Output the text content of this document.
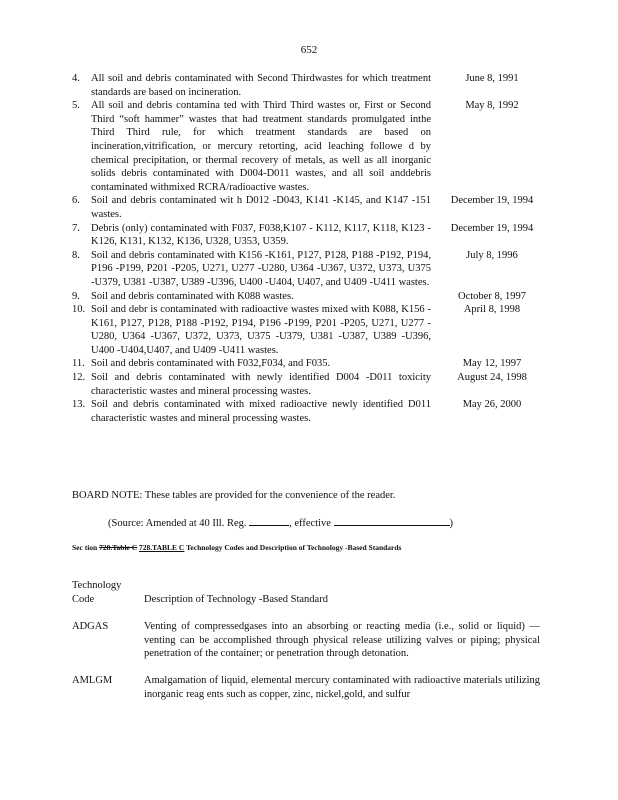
652
4. All soil and debris contaminated with Second Thirdwastes for which treatment standards are based on incineration.
June 8, 1991
5. All soil and debris contamina ted with Third Third wastes or, First or Second Third “soft hammer” wastes that had treatment standards promulgated inthe Third Third rule, for which treatment standards are based on incineration,vitrification, or mercury retorting, acid leaching followe d by chemical precipitation, or thermal recovery of metals, as well as all inorganic solids debris contaminated with D004-D011 wastes, and all soil anddebris contaminated withmixed RCRA/radioactive wastes.
May 8, 1992
6. Soil and debris contaminated wit h D012 -D043, K141 -K145, and K147 -151 wastes.
December 19, 1994
7. Debris (only) contaminated with F037, F038,K107 - K112, K117, K118, K123 -K126, K131, K132, K136, U328, U353, U359.
December 19, 1994
8. Soil and debris contaminated with K156 -K161, P127, P128, P188 -P192, P194, P196 -P199, P201 -P205, U271, U277 -U280, U364 -U367, U372, U373, U375 -U379, U381 -U387, U389 -U396, U400 -U404, U407, and U409 -U411 wastes.
July 8, 1996
9. Soil and debris contaminated with K088 wastes.	October 8, 1997
10. Soil and debr is contaminated with radioactive wastes mixed with K088, K156 -K161, P127, P128, P188 -P192, P194, P196 -P199, P201 -P205, U271, U277 -U280, U364 -U367, U372, U373, U375 -U379, U381 -U387, U389 -U396, U400 -U404,U407, and U409 -U411 wastes.
April 8, 1998
11. Soil and debris contaminated with F032,F034, and F035.	May 12, 1997
12. Soil and debris contaminated with newly identified D004 -D011 toxicity characteristic wastes and mineral processing wastes.
August 24, 1998
13. Soil and debris contaminated with mixed radioactive newly identified D011 characteristic wastes and mineral processing wastes.
May 26, 2000
BOARD NOTE: These tables are provided for the convenience of the reader.
(Source: Amended at 40 Ill. Reg.	, effective	)
Sec tion 728.Table C 728.TABLE C Technology Codes and Description of Technology -Based Standards
Technology Code	Description of Technology -Based Standard
ADGAS	Venting of compressedgases into an absorbing or reacting media (i.e., solid or liquid) — venting can be accomplished through physical release utilizing valves or piping; physical penetration of the container; or penetration through detonation.
AMLGM	Amalgamation of liquid, elemental mercury contaminated with radioactive materials utilizing inorganic reag ents such as copper, zinc, nickel,gold, and sulfur
